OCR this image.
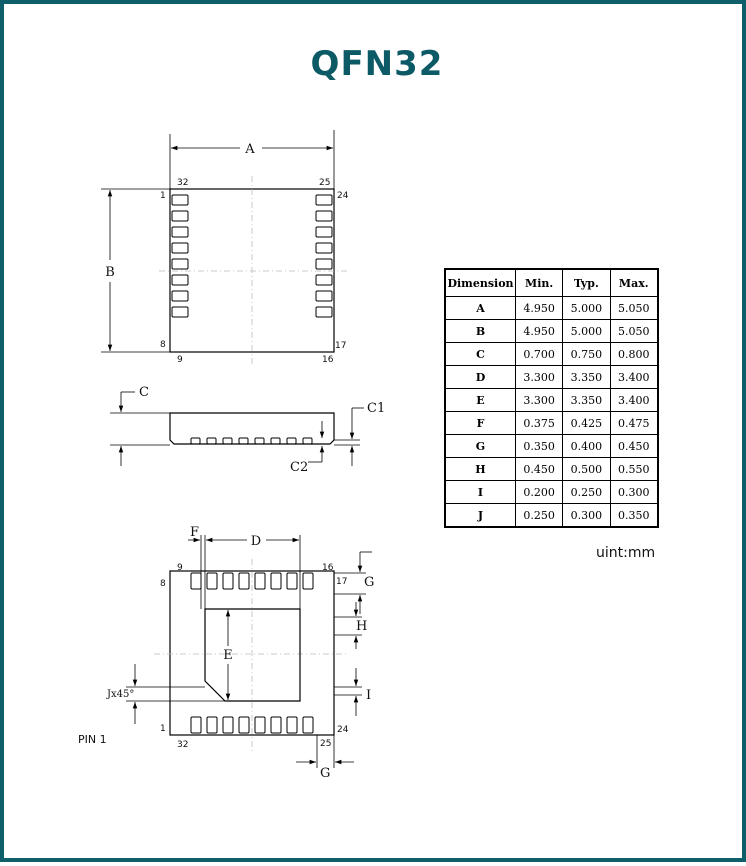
QFN32
A
B
32	25
1	24
8	17
9	16
C
C1
C2
F
D
E
G
H
I
G
Jx45°
9	16
8	17
1	24
32	25
PIN 1
Dimension	Min.	Typ.	Max.
A	4.950	5.000	5.050
B	4.950	5.000	5.050
C	0.700	0.750	0.800
D	3.300	3.350	3.400
E	3.300	3.350	3.400
F	0.375	0.425	0.475
G	0.350	0.400	0.450
H	0.450	0.500	0.550
I	0.200	0.250	0.300
J	0.250	0.300	0.350
uint:mm
